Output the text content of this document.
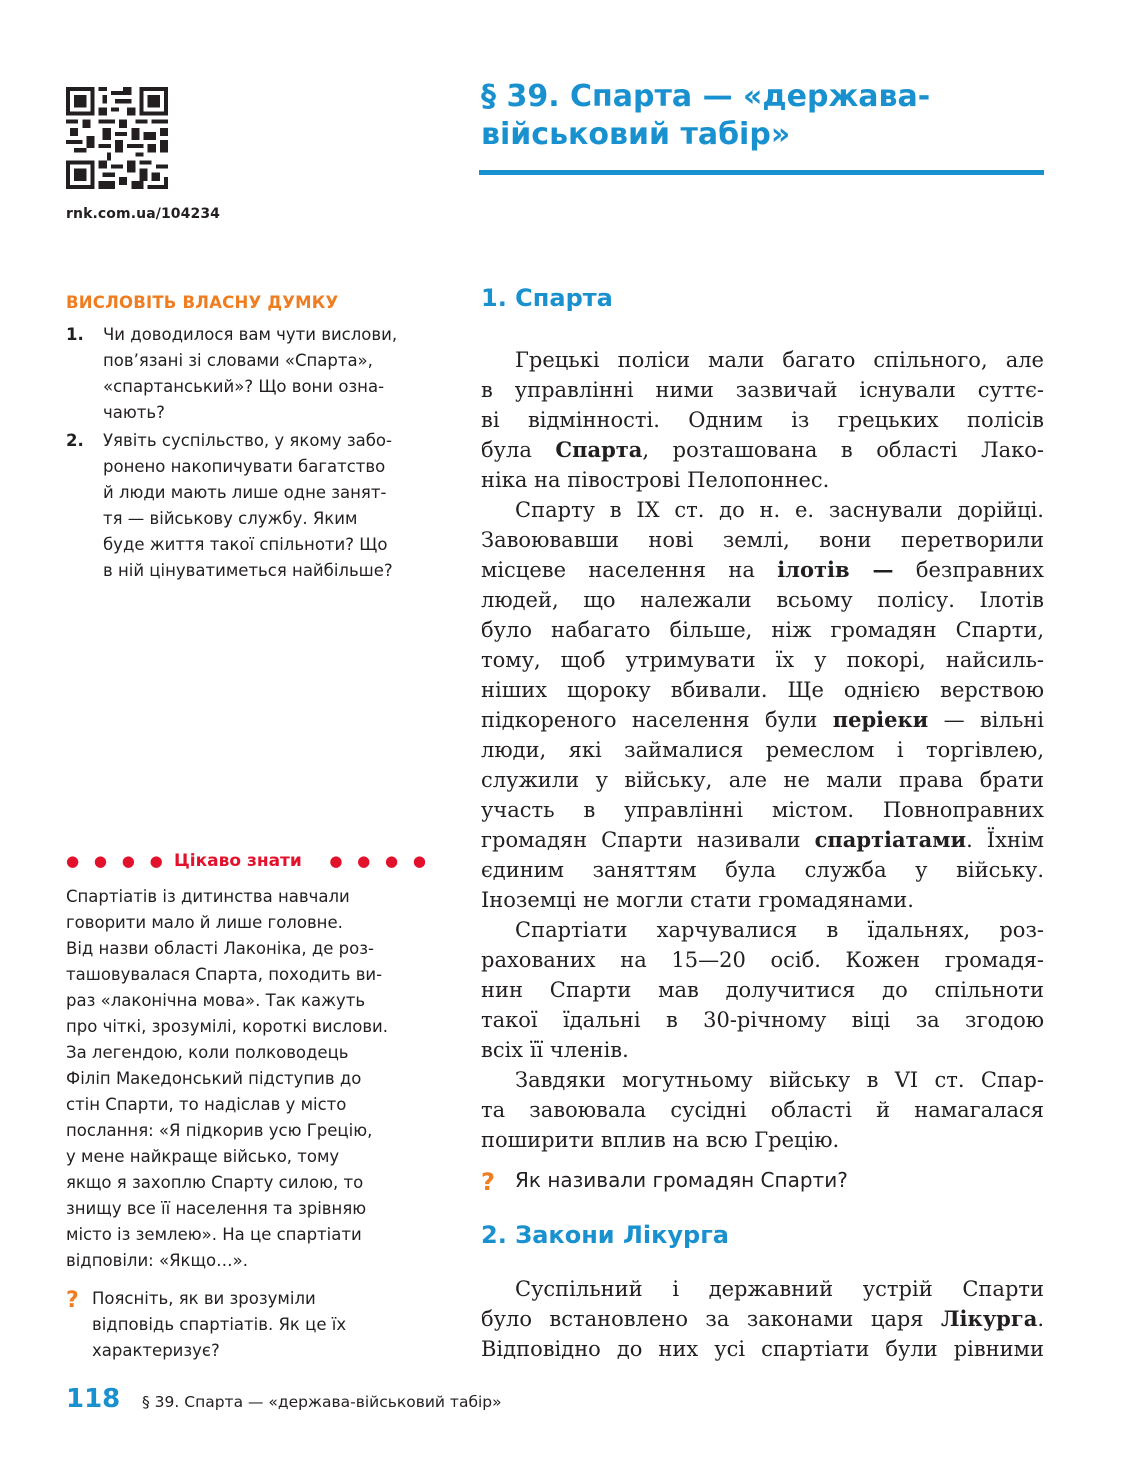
rnk.com.ua/104234
§ 39. Спарта — «держава-
військовий табір»
ВИСЛОВІТЬ ВЛАСНУ ДУМКУ
1. Чи доводилося вам чути вислови,
пов’язані зі словами «Спарта»,
«спартанський»? Що вони озна-
чають?
2. Уявіть суспільство, у якому забо-
ронено накопичувати багатство
й люди мають лише одне занят-
тя — військову службу. Яким
буде життя такої спільноти? Що
в ній цінуватиметься найбільше?
● ● ● ● Цікаво знати ● ● ● ●
Спартіатів із дитинства навчали
говорити мало й лише головне.
Від назви області Лаконіка, де роз-
ташовувалася Спарта, походить ви-
раз «лаконічна мова». Так кажуть
про чіткі, зрозумілі, короткі вислови.
За легендою, коли полководець
Філіп Македонський підступив до
стін Спарти, то надіслав у місто
послання: «Я підкорив усю Грецію,
у мене найкраще військо, тому
якщо я захоплю Спарту силою, то
знищу все її населення та зрівняю
місто із землею». На це спартіати
відповіли: «Якщо…».
? Поясніть, як ви зрозуміли
відповідь спартіатів. Як це їх
характеризує?
1. Спарта
Грецькі поліси мали багато спільного, але
в управлінні ними зазвичай існували суттє-
ві відмінності. Одним із грецьких полісів
була Спарта, розташована в області Лако-
ніка на півострові Пелопоннес.
Спарту в IX ст. до н. е. заснували дорійці.
Завоювавши нові землі, вони перетворили
місцеве населення на ілотів — безправних
людей, що належали всьому полісу. Ілотів
було набагато більше, ніж громадян Спарти,
тому, щоб утримувати їх у покорі, найсиль-
ніших щороку вбивали. Ще однією верствою
підкореного населення були періеки — вільні
люди, які займалися ремеслом і торгівлею,
служили у війську, але не мали права брати
участь в управлінні містом. Повноправних
громадян Спарти називали спартіатами. Їхнім
єдиним заняттям була служба у війську.
Іноземці не могли стати громадянами.
Спартіати харчувалися в їдальнях, роз-
рахованих на 15—20 осіб. Кожен громадя-
нин Спарти мав долучитися до спільноти
такої їдальні в 30-річному віці за згодою
всіх її членів.
Завдяки могутньому війську в VI ст. Спар-
та завоювала сусідні області й намагалася
поширити вплив на всю Грецію.
? Як називали громадян Спарти?
2. Закони Лікурга
Суспільний і державний устрій Спарти
було встановлено за законами царя Лікурга.
Відповідно до них усі спартіати були рівними
118 § 39. Спарта — «держава-військовий табір»
